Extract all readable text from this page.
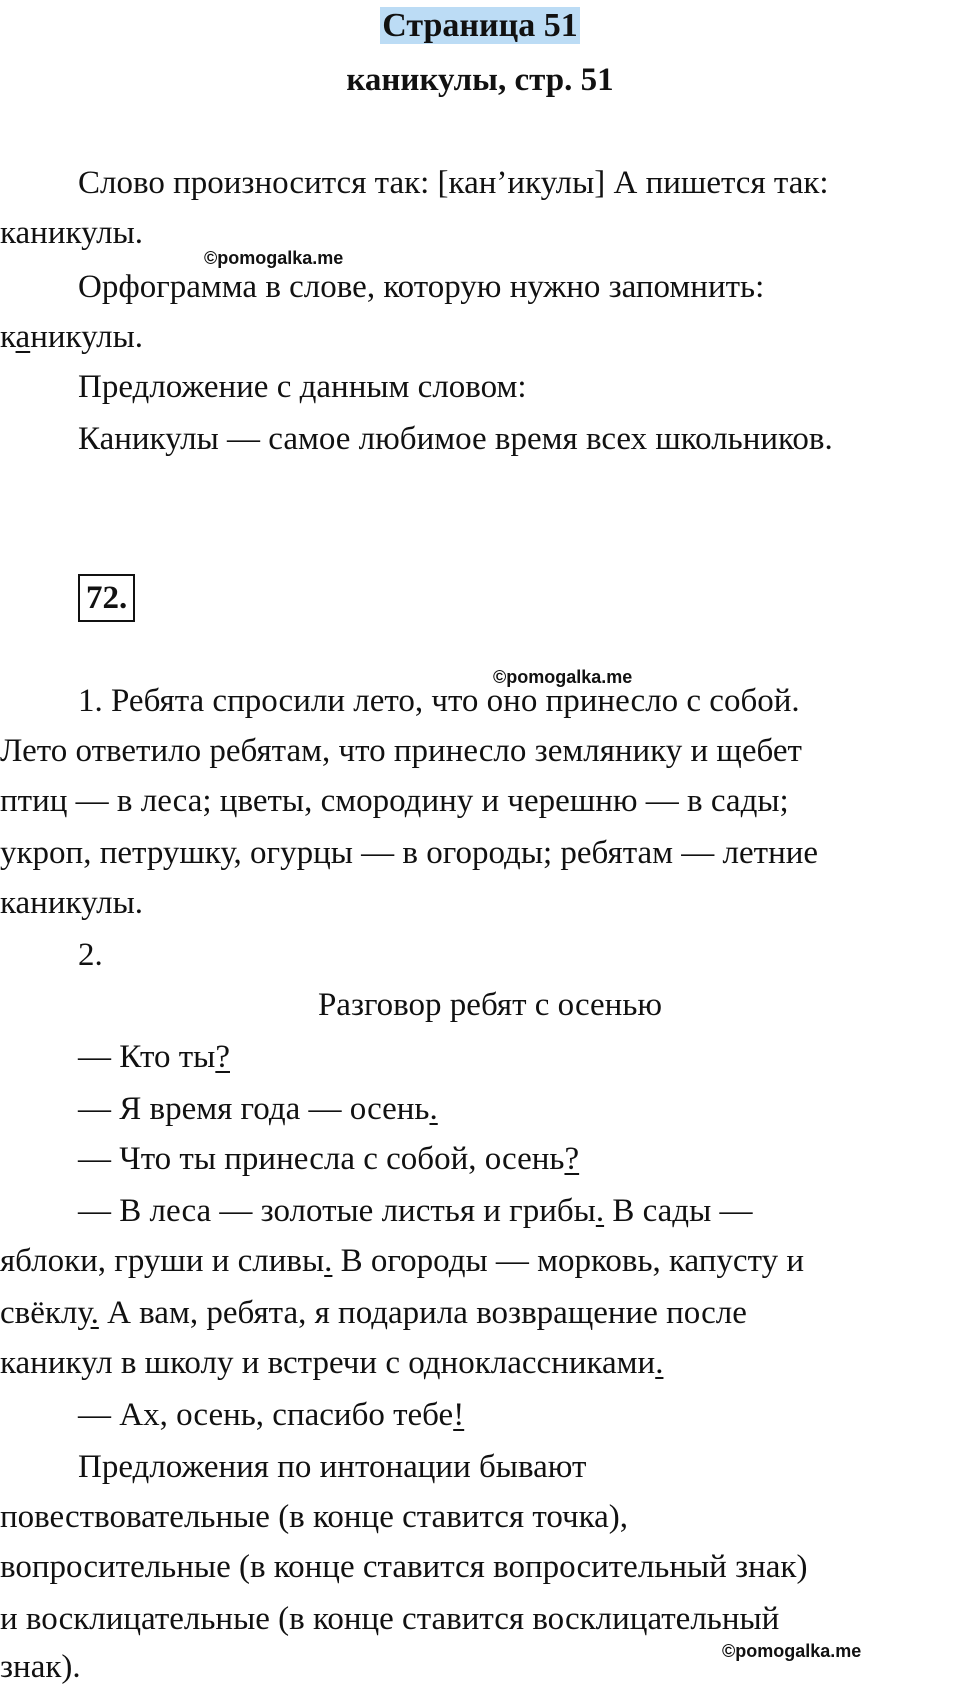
Страница 51
каникулы, стр. 51
Слово произносится так: [кан’икулы] А пишется так:
каникулы.
©pomogalka.me
Орфограмма в слове, которую нужно запомнить:
каникулы.
Предложение с данным словом:
Каникулы — самое любимое время всех школьников.
72.
©pomogalka.me
1. Ребята спросили лето, что оно принесло с собой.
Лето ответило ребятам, что принесло землянику и щебет
птиц — в леса; цветы, смородину и черешню — в сады;
укроп, петрушку, огурцы — в огороды; ребятам — летние
каникулы.
2.
Разговор ребят с осенью
— Кто ты?
— Я время года — осень.
— Что ты принесла с собой, осень?
— В леса — золотые листья и грибы. В сады —
яблоки, груши и сливы. В огороды — морковь, капусту и
свёклу. А вам, ребята, я подарила возвращение после
каникул в школу и встречи с одноклассниками.
— Ах, осень, спасибо тебе!
Предложения по интонации бывают
повествовательные (в конце ставится точка),
вопросительные (в конце ставится вопросительный знак)
и восклицательные (в конце ставится восклицательный
©pomogalka.me
знак).
